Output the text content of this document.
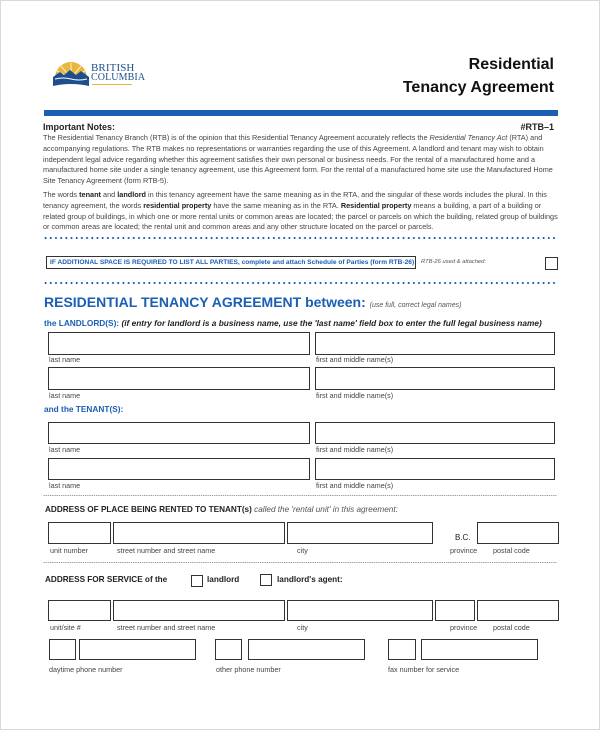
BRITISH
COLUMBIA
Residential
Tenancy Agreement
Important Notes:	#RTB–1
The Residential Tenancy Branch (RTB) is of the opinion that this Residential Tenancy Agreement accurately reflects the Residential Tenancy Act (RTA) and accompanying regulations. The RTB makes no representations or warranties regarding the use of this Agreement. A landlord and tenant may wish to obtain independent legal advice regarding whether this agreement satisfies their own personal or business needs. For the rental of a manufactured home and a manufactured home site under a single tenancy agreement, use this Agreement form. For the rental of a manufactured home site use the Manufactured Home Site Tenancy Agreement (form RTB-5).
The words tenant and landlord in this tenancy agreement have the same meaning as in the RTA, and the singular of these words includes the plural. In this tenancy agreement, the words residential property have the same meaning as in the RTA. Residential property means a building, a part of a building or related group of buildings, in which one or more rental units or common areas are located; the parcel or parcels on which the building, related group of buildings or common areas are located; the rental unit and common areas and any other structure located on the parcel or parcels.
IF ADDITIONAL SPACE IS REQUIRED TO LIST ALL PARTIES, complete and attach Schedule of Parties (form RTB-26)	RTB-26 used & attached:
RESIDENTIAL TENANCY AGREEMENT between: (use full, correct legal names)
the LANDLORD(S): (if entry for landlord is a business name, use the 'last name' field box to enter the full legal business name)
last name	first and middle name(s)
last name	first and middle name(s)
and the TENANT(S):
last name	first and middle name(s)
last name	first and middle name(s)
ADDRESS OF PLACE BEING RENTED TO TENANT(s) called the 'rental unit' in this agreement:
B.C.
unit number	street number and street name	city	province postal code
ADDRESS FOR SERVICE of the	landlord	landlord's agent:
unit/site #	street number and street name	city	province postal code
daytime phone number	other phone number	fax number for service
